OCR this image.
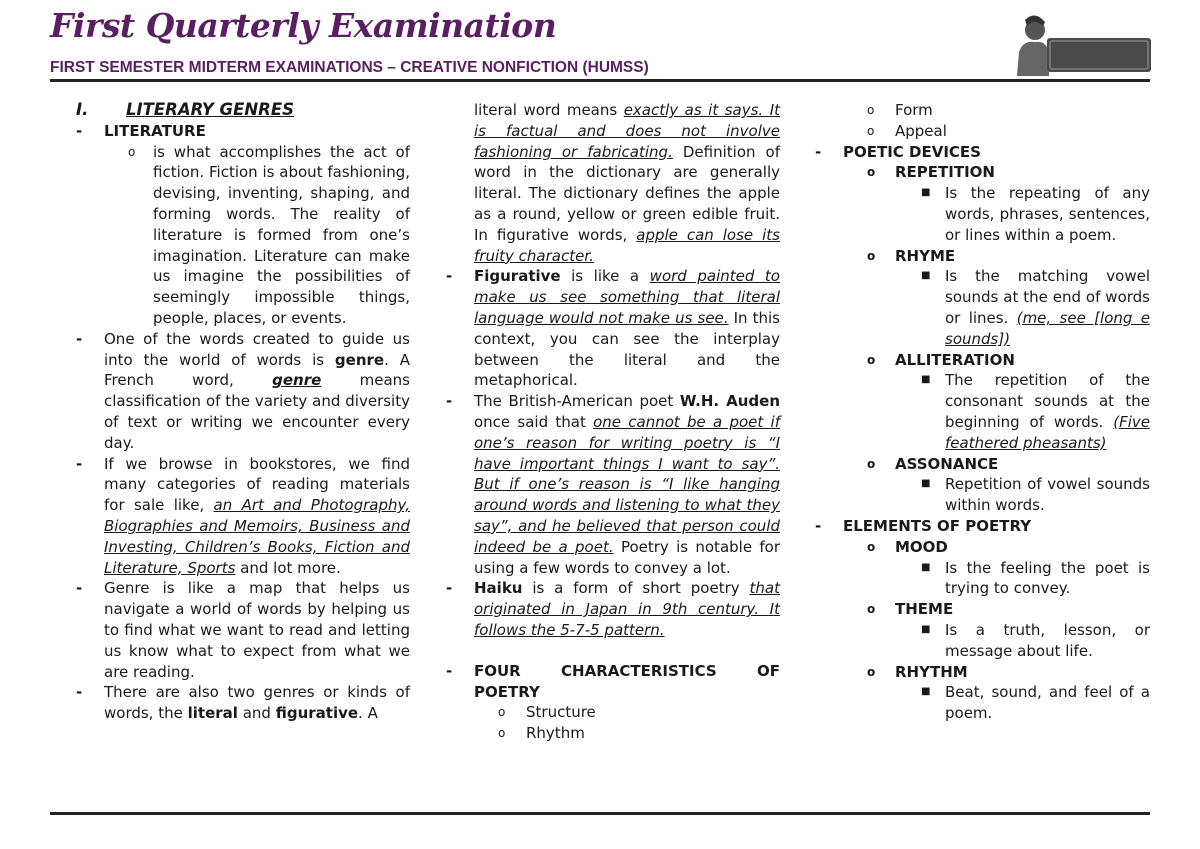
First Quarterly Examination
FIRST SEMESTER MIDTERM EXAMINATIONS – CREATIVE NONFICTION (HUMSS)
I. LITERARY GENRES
- LITERATURE
o is what accomplishes the act of fiction. Fiction is about fashioning, devising, inventing, shaping, and forming words. The reality of literature is formed from one’s imagination. Literature can make us imagine the possibilities of seemingly impossible things, people, places, or events.
- One of the words created to guide us into the world of words is genre. A French word,	genre	means classification of the variety and diversity of text or writing we encounter every day.
- If we browse in bookstores, we find many categories of reading materials for sale like, an Art and Photography, Biographies and Memoirs, Business and Investing, Children’s Books, Fiction and Literature, Sports and lot more.
- Genre is like a map that helps us navigate a world of words by helping us to find what we want to read and letting us know what to expect from what we are reading.
- There are also two genres or kinds of words, the literal and figurative. A
literal word means exactly as it says. It is factual and does not involve fashioning or fabricating. Definition of word in the dictionary are generally literal. The dictionary defines the apple as a round, yellow or green edible fruit. In figurative words, apple can lose its fruity character.
- Figurative is like a word painted to make us see something that literal language would not make us see. In this context, you can see the interplay between the literal and the metaphorical.
- The British-American poet W.H. Auden once said that one cannot be a poet if one’s reason for writing poetry is “I have important things I want to say”. But if one’s reason is “I like hanging around words and listening to what they say”, and he believed that person could indeed be a poet. Poetry is notable for using a few words to convey a lot.
- Haiku is a form of short poetry that originated in Japan in 9th century. It follows the 5-7-5 pattern.
- FOUR CHARACTERISTICS OF POETRY
o Structure
o Rhythm
o Form
o Appeal
- POETIC DEVICES
o REPETITION
■ Is the repeating of any words, phrases, sentences, or lines within a poem.
o RHYME
■ Is the matching vowel sounds at the end of words or lines. (me, see [long e sounds])
o ALLITERATION
■ The repetition of the consonant sounds at the beginning of words. (Five feathered pheasants)
o ASSONANCE
■ Repetition of vowel sounds within words.
- ELEMENTS OF POETRY
o MOOD
■ Is the feeling the poet is trying to convey.
o THEME
■ Is a truth, lesson, or message about life.
o RHYTHM
■ Beat, sound, and feel of a poem.
